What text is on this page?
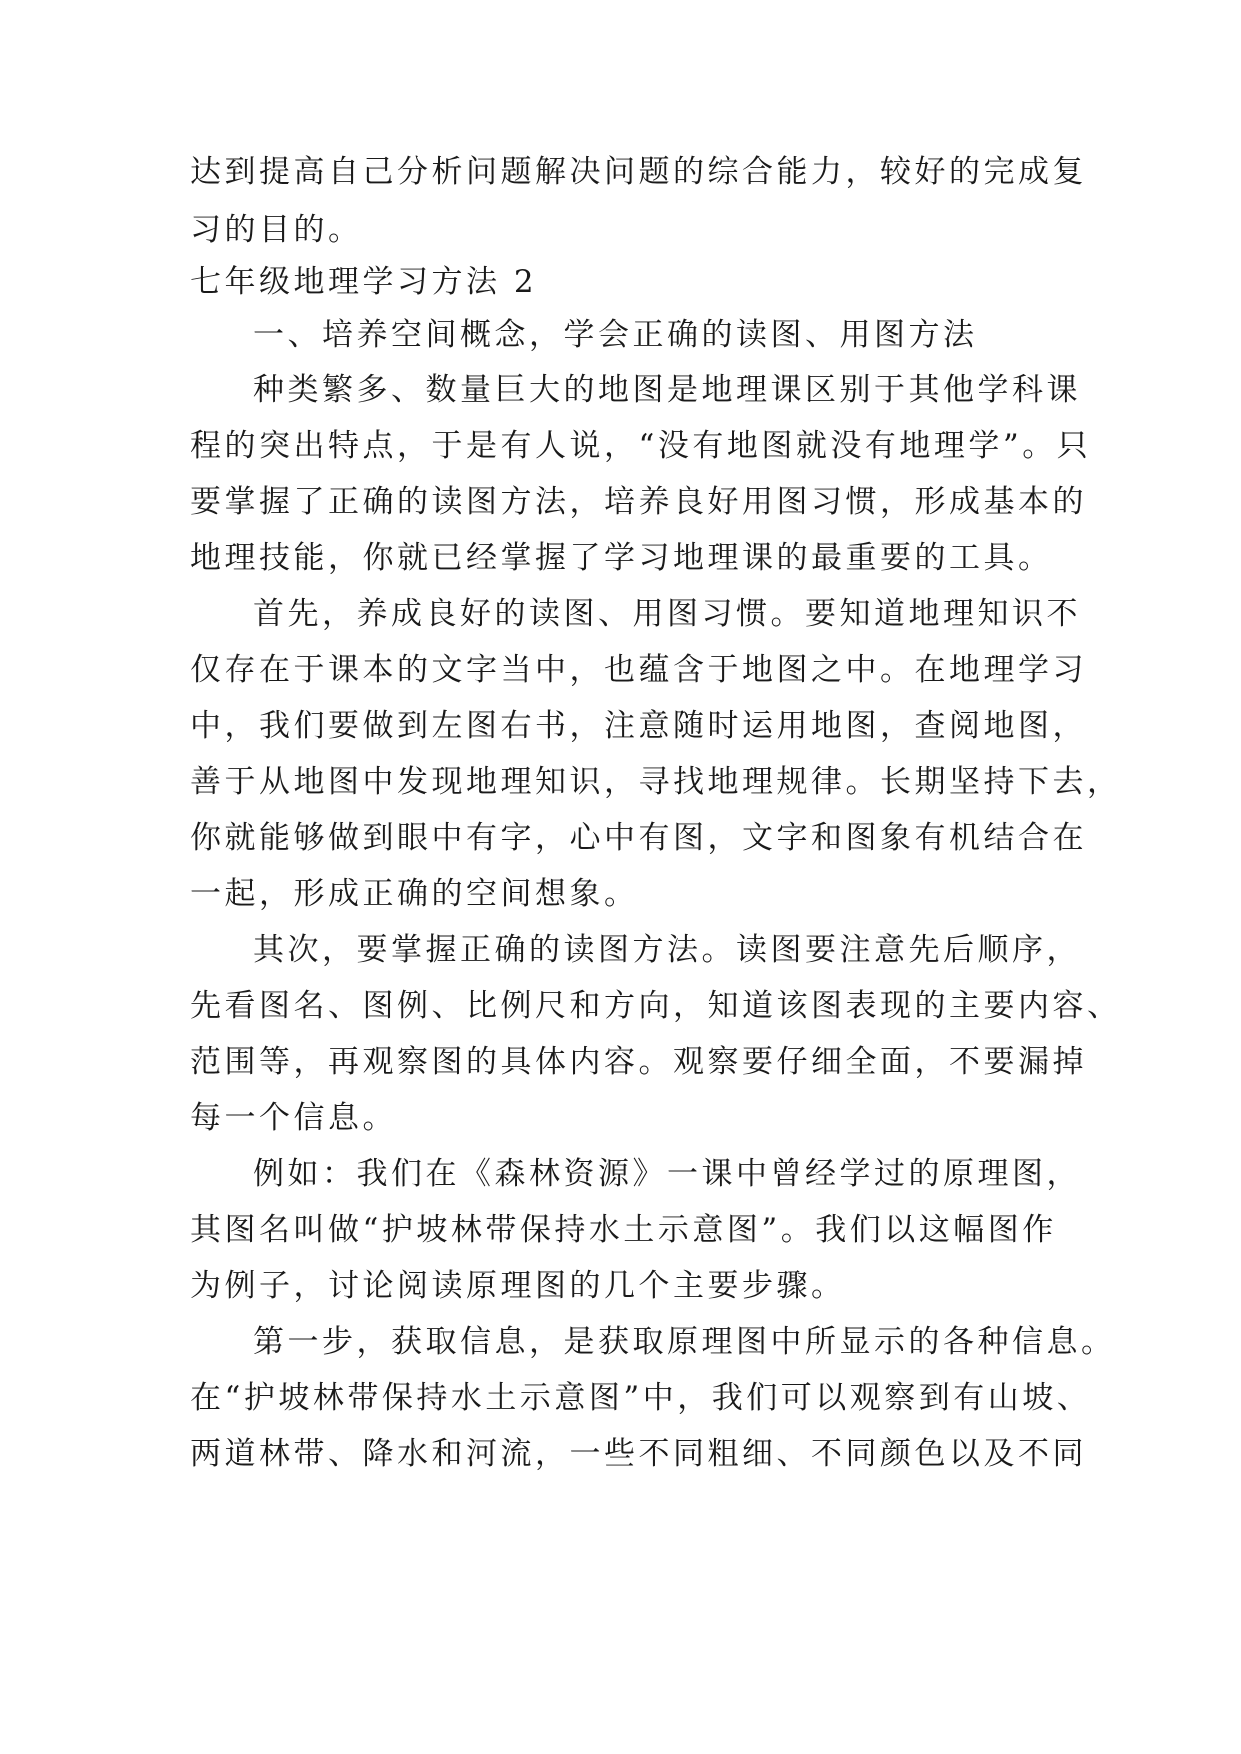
达到提高自己分析问题解决问题的综合能力，较好的完成复
习的目的。
七年级地理学习方法 2
一、培养空间概念，学会正确的读图、用图方法
种类繁多、数量巨大的地图是地理课区别于其他学科课
程的突出特点，于是有人说，“没有地图就没有地理学”。只
要掌握了正确的读图方法，培养良好用图习惯，形成基本的
地理技能，你就已经掌握了学习地理课的最重要的工具。
首先，养成良好的读图、用图习惯。要知道地理知识不
仅存在于课本的文字当中，也蕴含于地图之中。在地理学习
中，我们要做到左图右书，注意随时运用地图，查阅地图，
善于从地图中发现地理知识，寻找地理规律。长期坚持下去，
你就能够做到眼中有字，心中有图，文字和图象有机结合在
一起，形成正确的空间想象。
其次，要掌握正确的读图方法。读图要注意先后顺序，
先看图名、图例、比例尺和方向，知道该图表现的主要内容、
范围等，再观察图的具体内容。观察要仔细全面，不要漏掉
每一个信息。
例如：我们在《森林资源》一课中曾经学过的原理图，
其图名叫做“护坡林带保持水土示意图”。我们以这幅图作
为例子，讨论阅读原理图的几个主要步骤。
第一步，获取信息，是获取原理图中所显示的各种信息。
在“护坡林带保持水土示意图”中，我们可以观察到有山坡、
两道林带、降水和河流，一些不同粗细、不同颜色以及不同
